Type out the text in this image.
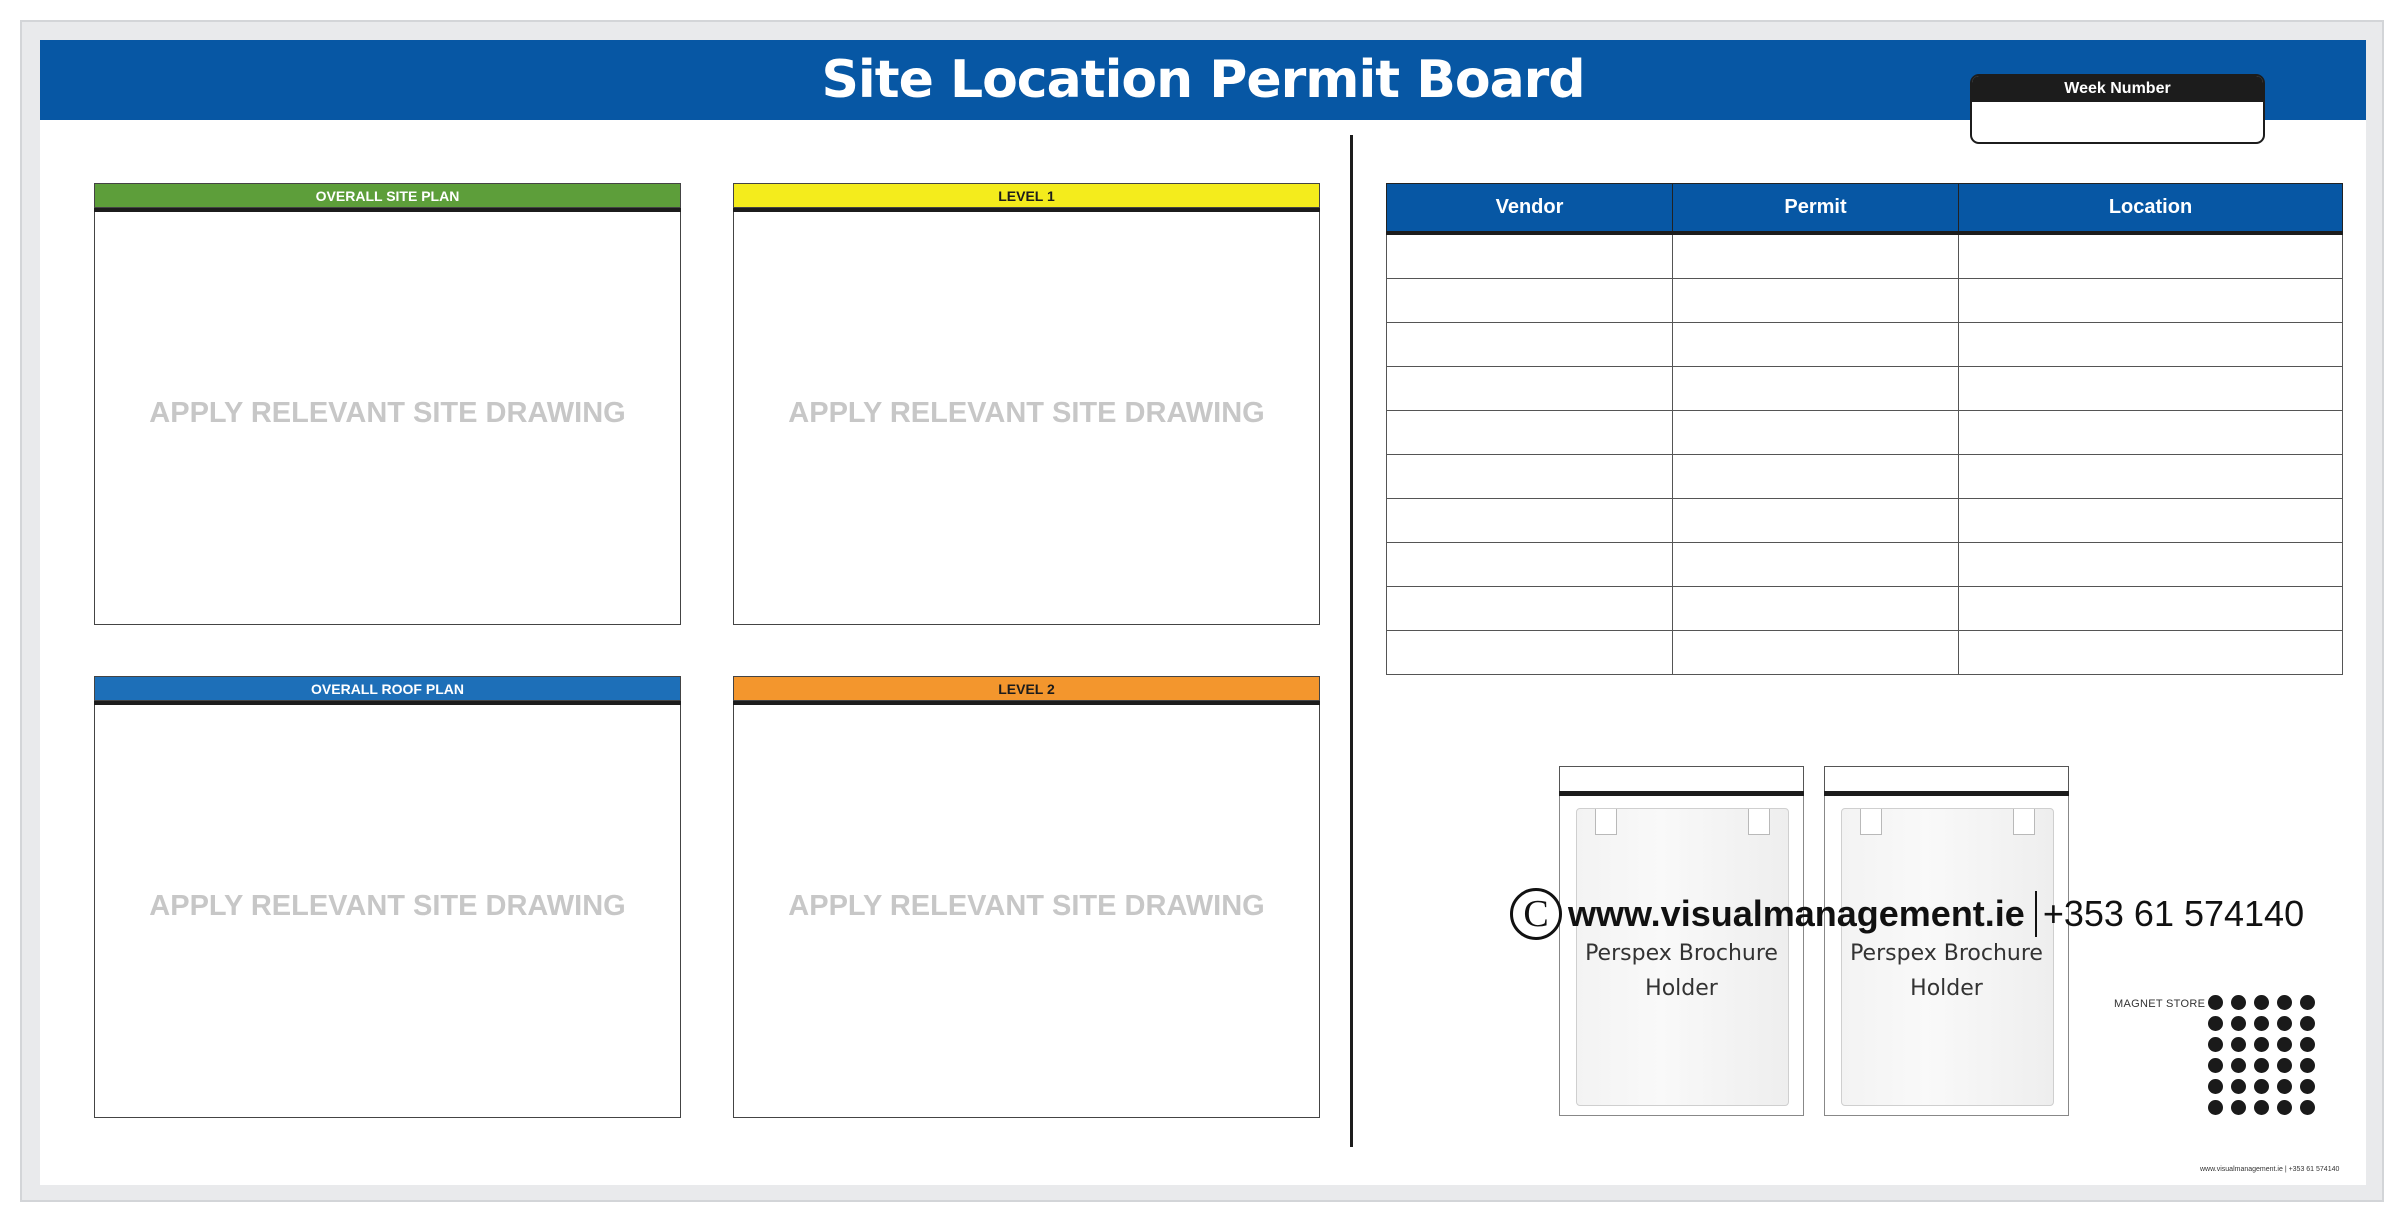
Site Location Permit Board	Week Number
OVERALL SITE PLAN
APPLY RELEVANT SITE DRAWING
LEVEL 1
APPLY RELEVANT SITE DRAWING
OVERALL ROOF PLAN
APPLY RELEVANT SITE DRAWING
LEVEL 2
APPLY RELEVANT SITE DRAWING
Vendor	Permit	Location

Perspex Brochure
Holder
Perspex Brochure
Holder
C www.visualmanagement.ie +353 61 574140
MAGNET STORE
www.visualmanagement.ie | +353 61 574140
